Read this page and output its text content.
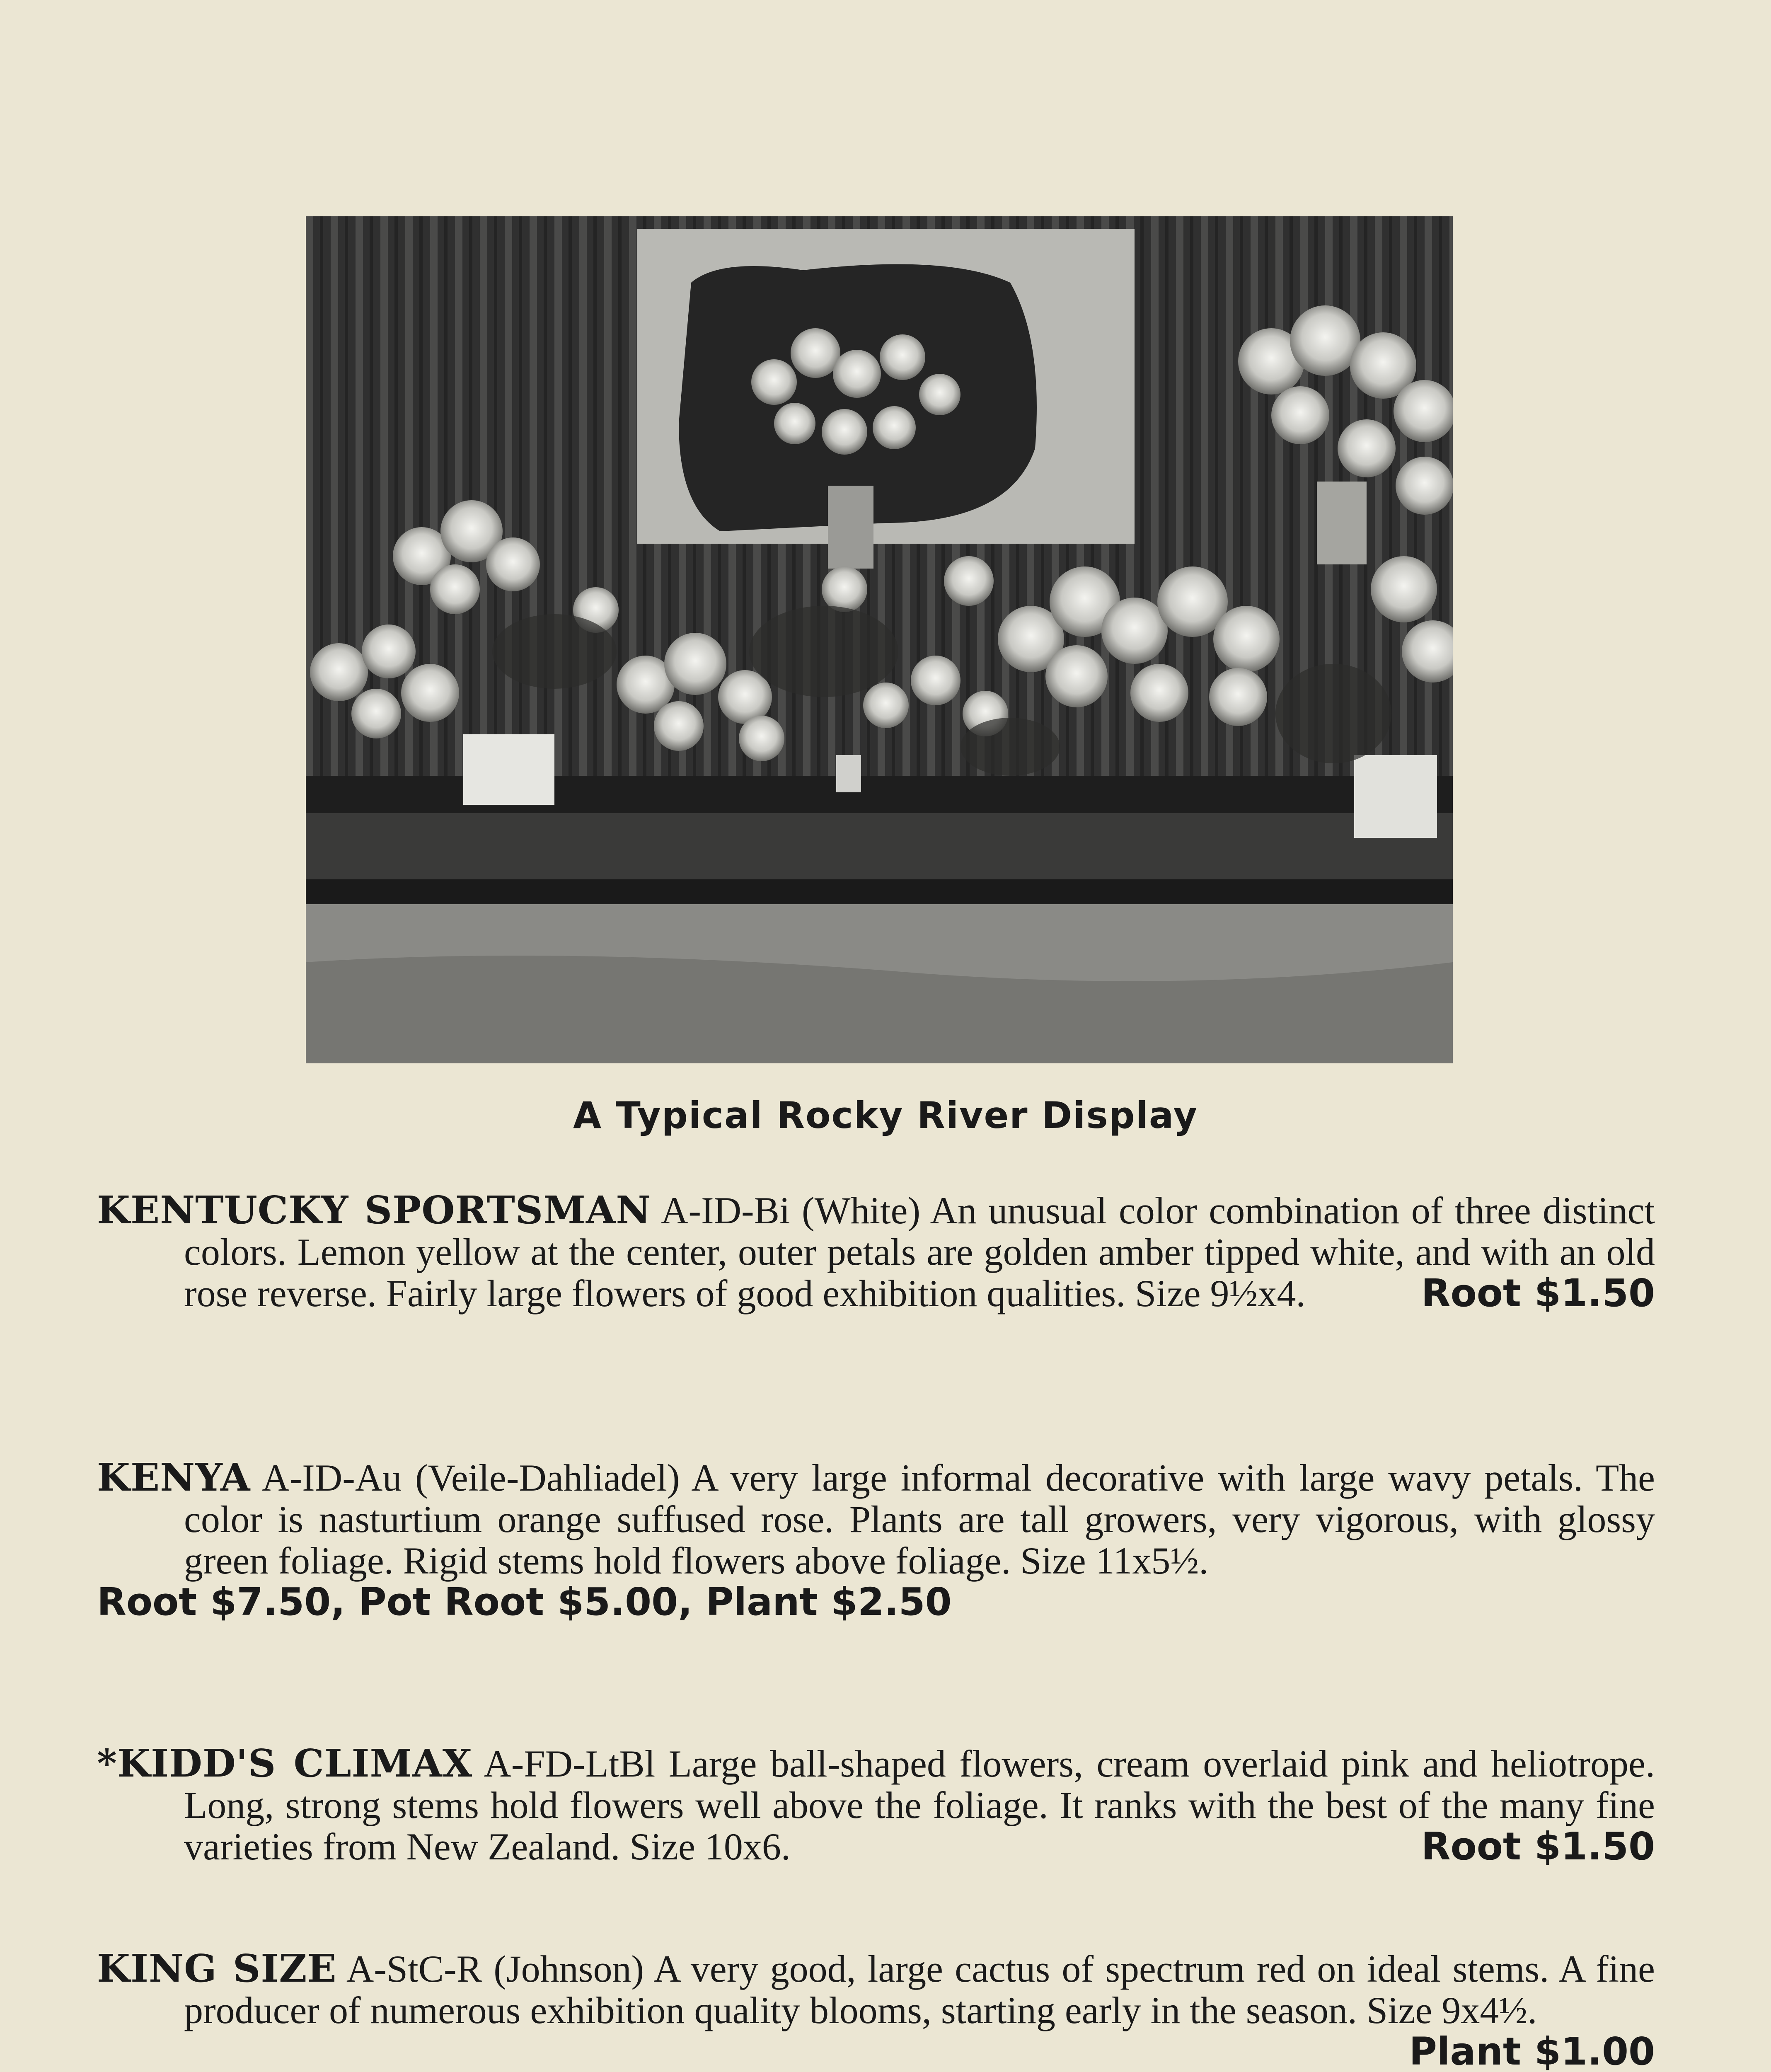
A Typical Rocky River Display

KENTUCKY SPORTSMAN A-ID-Bi (White) An unusual color combination of three distinct colors. Lemon yellow at the center, outer petals are golden amber tipped white, and with an old rose reverse. Fairly large flowers of good exhibition qualities. Size 9½x4.	Root $1.50

KENYA A-ID-Au (Veile-Dahliadel) A very large informal decorative with large wavy petals. The color is nasturtium orange suffused rose. Plants are tall growers, very vigorous, with glossy green foliage. Rigid stems hold flowers above foliage. Size 11x5½.

Root $7.50, Pot Root $5.00, Plant $2.50

*KIDD'S CLIMAX A-FD-LtBl Large ball-shaped flowers, cream overlaid pink and heliotrope. Long, strong stems hold flowers well above the foliage. It ranks with the best of the many fine varieties from New Zealand. Size 10x6.	Root $1.50

KING SIZE A-StC-R (Johnson) A very good, large cactus of spectrum red on ideal stems. A fine producer of numerous exhibition quality blooms, starting early in the season. Size 9x4½.
Plant $1.00
